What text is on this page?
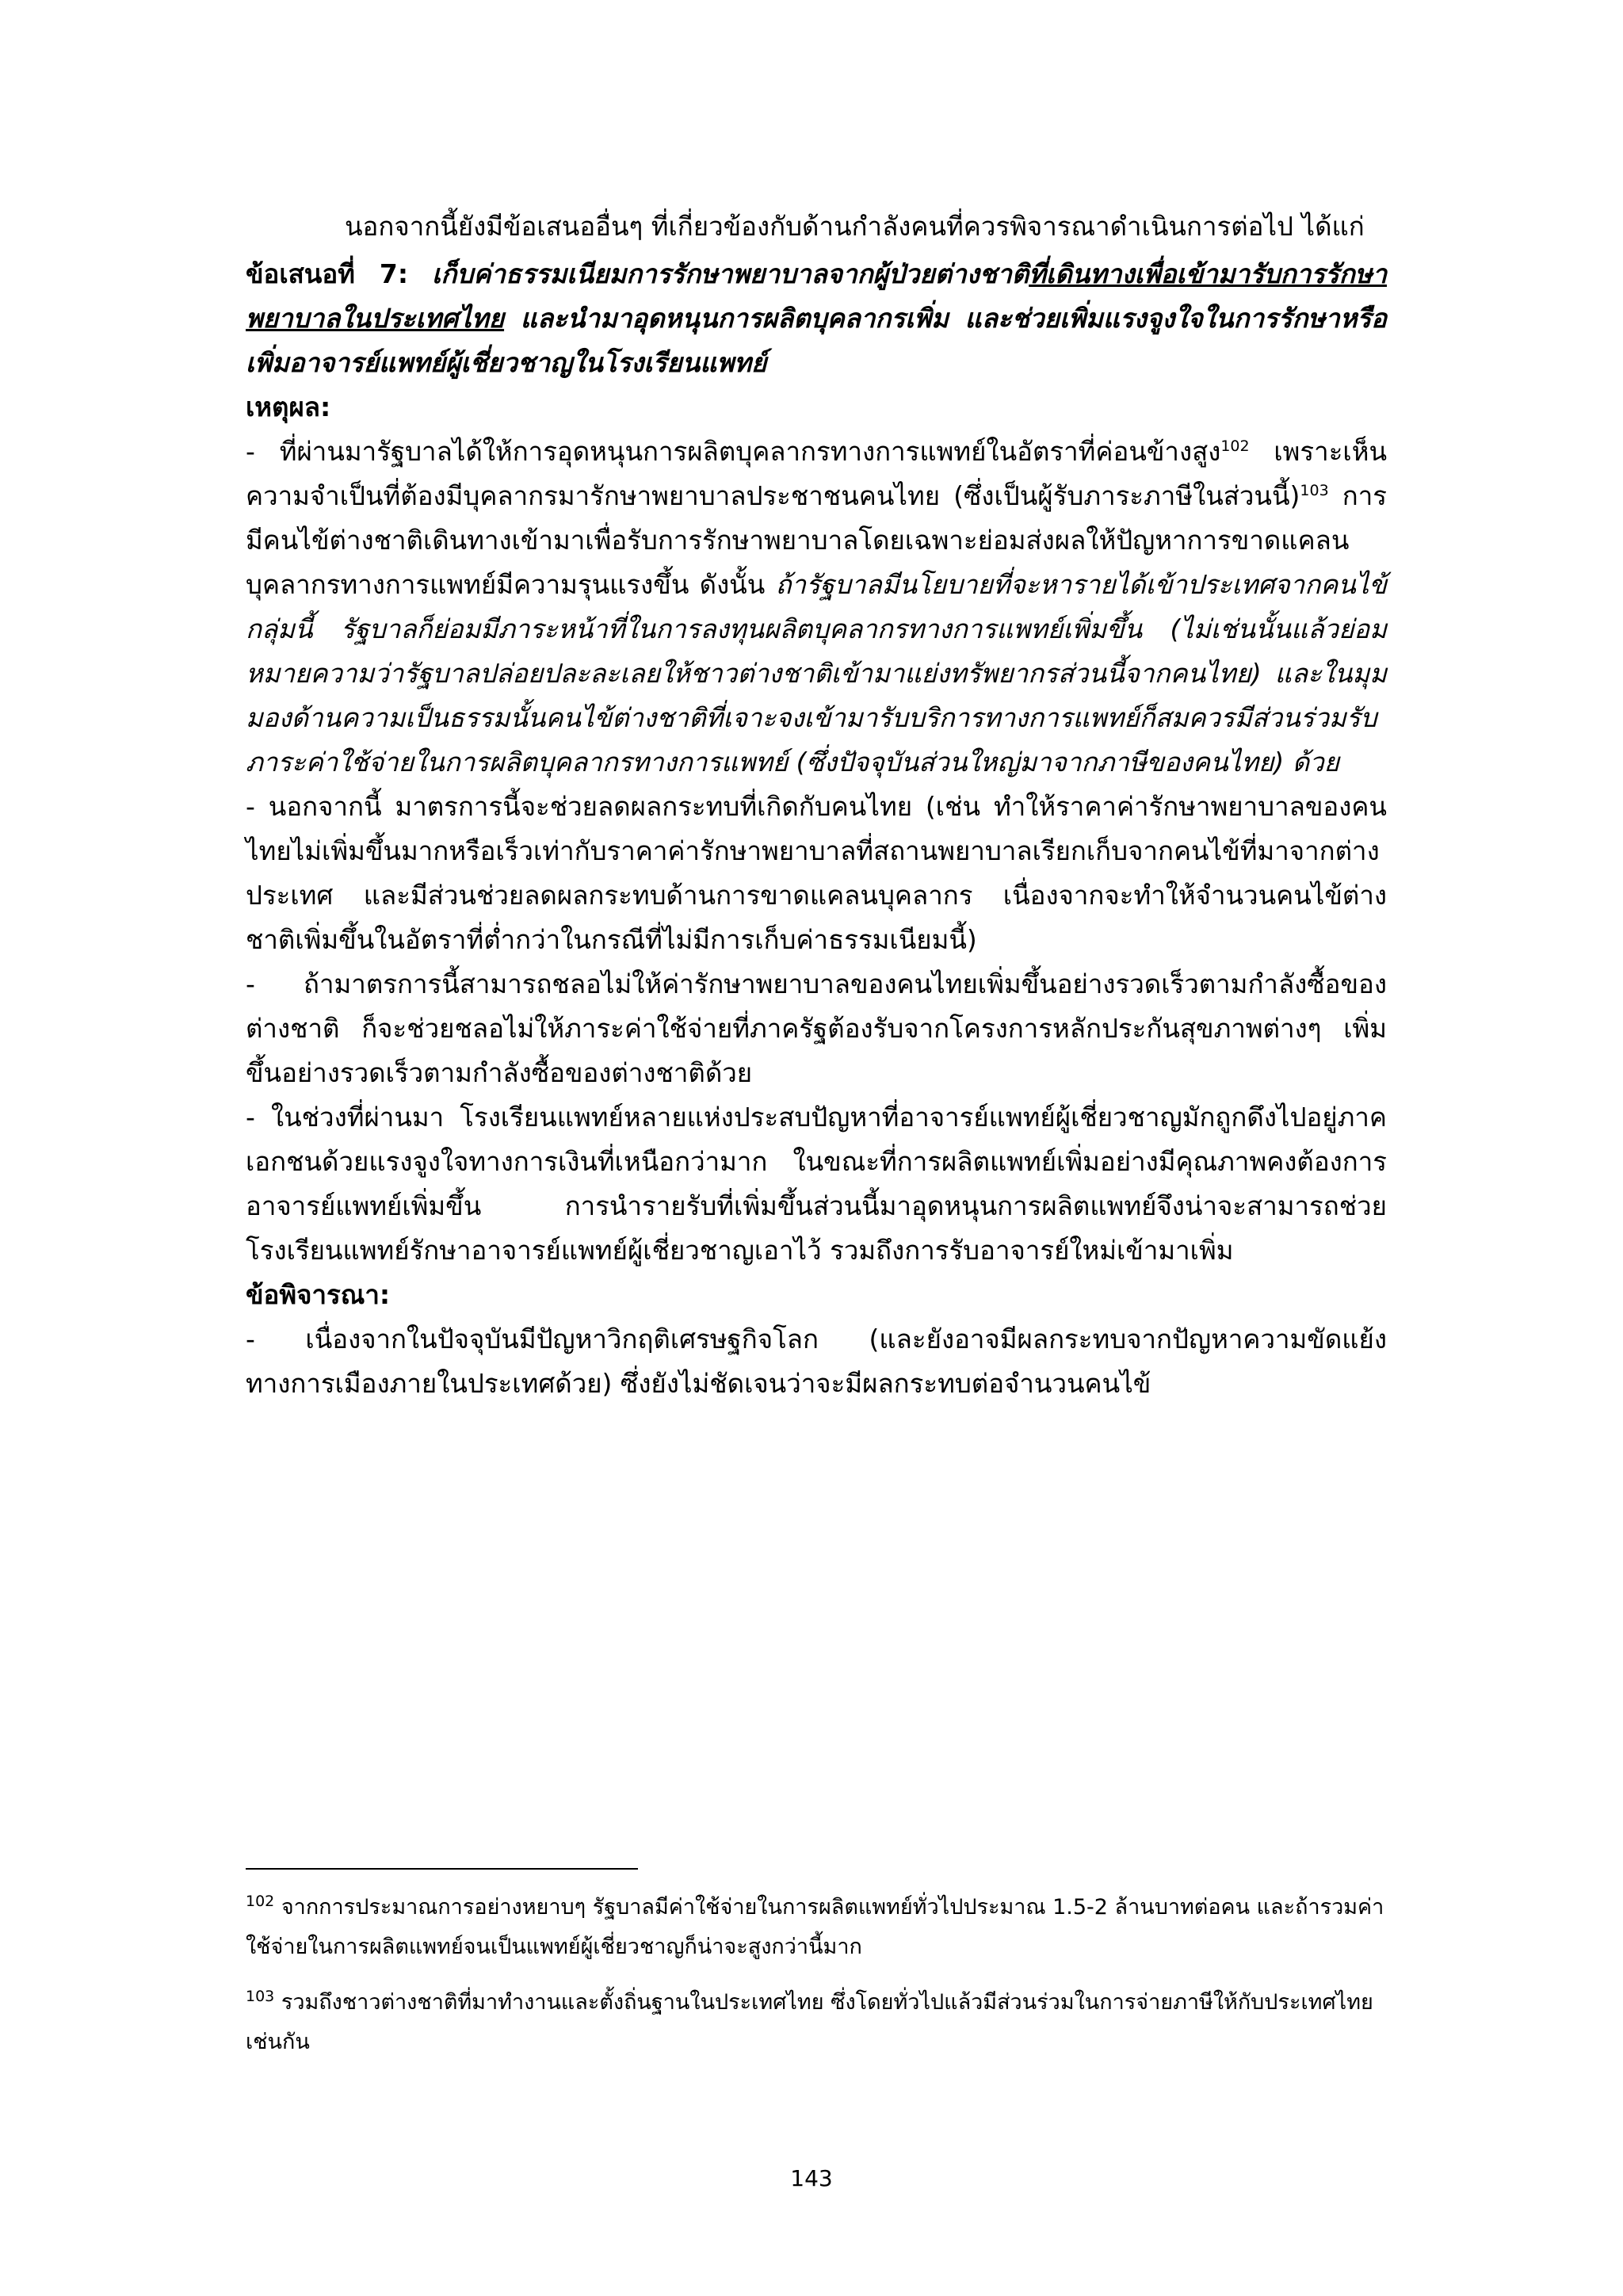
นอกจากนี้ยังมีข้อเสนออื่นๆ ที่เกี่ยวข้องกับด้านกำลังคนที่ควรพิจารณาดำเนินการต่อไป ได้แก่

ข้อเสนอที่ 7: เก็บค่าธรรมเนียมการรักษาพยาบาลจากผู้ป่วยต่างชาติที่เดินทางเพื่อเข้ามารับการรักษาพยาบาลในประเทศไทย และนำมาอุดหนุนการผลิตบุคลากรเพิ่ม และช่วยเพิ่มแรงจูงใจในการรักษาหรือเพิ่มอาจารย์แพทย์ผู้เชี่ยวชาญในโรงเรียนแพทย์

เหตุผล:

- ที่ผ่านมารัฐบาลได้ให้การอุดหนุนการผลิตบุคลากรทางการแพทย์ในอัตราที่ค่อนข้างสูง$^{102}$ เพราะเห็นความจำเป็นที่ต้องมีบุคลากรมารักษาพยาบาลประชาชนคนไทย (ซึ่งเป็นผู้รับภาระภาษีในส่วนนี้)$^{103}$ การมีคนไข้ต่างชาติเดินทางเข้ามาเพื่อรับการรักษาพยาบาลโดยเฉพาะย่อมส่งผลให้ปัญหาการขาดแคลนบุคลากรทางการแพทย์มีความรุนแรงขึ้น ดังนั้น ถ้ารัฐบาลมีนโยบายที่จะหารายได้เข้าประเทศจากคนไข้กลุ่มนี้ รัฐบาลก็ย่อมมีภาระหน้าที่ในการลงทุนผลิตบุคลากรทางการแพทย์เพิ่มขึ้น (ไม่เช่นนั้นแล้วย่อมหมายความว่ารัฐบาลปล่อยปละละเลยให้ชาวต่างชาติเข้ามาแย่งทรัพยากรส่วนนี้จากคนไทย) และในมุมมองด้านความเป็นธรรมนั้นคนไข้ต่างชาติที่เจาะจงเข้ามารับบริการทางการแพทย์ก็สมควรมีส่วนร่วมรับภาระค่าใช้จ่ายในการผลิตบุคลากรทางการแพทย์ (ซึ่งปัจจุบันส่วนใหญ่มาจากภาษีของคนไทย) ด้วย

- นอกจากนี้ มาตรการนี้จะช่วยลดผลกระทบที่เกิดกับคนไทย (เช่น ทำให้ราคาค่ารักษาพยาบาลของคนไทยไม่เพิ่มขึ้นมากหรือเร็วเท่ากับราคาค่ารักษาพยาบาลที่สถานพยาบาลเรียกเก็บจากคนไข้ที่มาจากต่างประเทศ และมีส่วนช่วยลดผลกระทบด้านการขาดแคลนบุคลากร เนื่องจากจะทำให้จำนวนคนไข้ต่างชาติเพิ่มขึ้นในอัตราที่ต่ำกว่าในกรณีที่ไม่มีการเก็บค่าธรรมเนียมนี้)

- ถ้ามาตรการนี้สามารถชลอไม่ให้ค่ารักษาพยาบาลของคนไทยเพิ่มขึ้นอย่างรวดเร็วตามกำลังซื้อของต่างชาติ ก็จะช่วยชลอไม่ให้ภาระค่าใช้จ่ายที่ภาครัฐต้องรับจากโครงการหลักประกันสุขภาพต่างๆ เพิ่มขึ้นอย่างรวดเร็วตามกำลังซื้อของต่างชาติด้วย

- ในช่วงที่ผ่านมา โรงเรียนแพทย์หลายแห่งประสบปัญหาที่อาจารย์แพทย์ผู้เชี่ยวชาญมักถูกดึงไปอยู่ภาคเอกชนด้วยแรงจูงใจทางการเงินที่เหนือกว่ามาก ในขณะที่การผลิตแพทย์เพิ่มอย่างมีคุณภาพคงต้องการอาจารย์แพทย์เพิ่มขึ้น การนำรายรับที่เพิ่มขึ้นส่วนนี้มาอุดหนุนการผลิตแพทย์จึงน่าจะสามารถช่วยโรงเรียนแพทย์รักษาอาจารย์แพทย์ผู้เชี่ยวชาญเอาไว้ รวมถึงการรับอาจารย์ใหม่เข้ามาเพิ่ม

ข้อพิจารณา:

- เนื่องจากในปัจจุบันมีปัญหาวิกฤติเศรษฐกิจโลก (และยังอาจมีผลกระทบจากปัญหาความขัดแย้งทางการเมืองภายในประเทศด้วย) ซึ่งยังไม่ชัดเจนว่าจะมีผลกระทบต่อจำนวนคนไข้

$^{102}$ จากการประมาณการอย่างหยาบๆ รัฐบาลมีค่าใช้จ่ายในการผลิตแพทย์ทั่วไปประมาณ 1.5-2 ล้านบาทต่อคน และถ้ารวมค่าใช้จ่ายในการผลิตแพทย์จนเป็นแพทย์ผู้เชี่ยวชาญก็น่าจะสูงกว่านี้มาก

$^{103}$ รวมถึงชาวต่างชาติที่มาทำงานและตั้งถิ่นฐานในประเทศไทย ซึ่งโดยทั่วไปแล้วมีส่วนร่วมในการจ่ายภาษีให้กับประเทศไทยเช่นกัน

143
